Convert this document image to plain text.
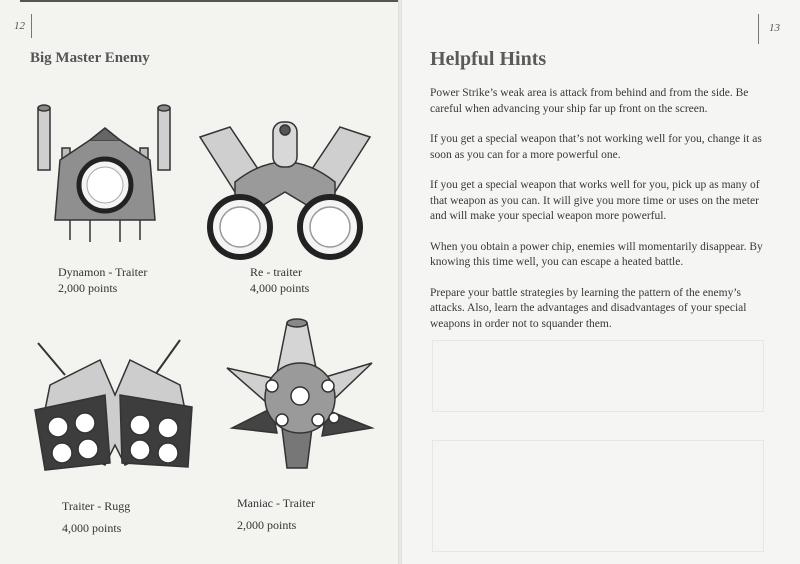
12
Big Master Enemy
Dynamon - Traiter
2,000 points
Re - traiter
4,000 points
Traiter - Rugg
4,000 points
Maniac - Traiter
2,000 points
13
Helpful Hints

Power Strike’s weak area is attack from behind and from the side. Be careful when advancing your ship far up front on the screen.

If you get a special weapon that’s not working well for you, change it as soon as you can for a more powerful one.

If you get a special weapon that works well for you, pick up as many of that weapon as you can. It will give you more time or uses on the meter and will make your special weapon more powerful.

When you obtain a power chip, enemies will momentarily disappear. By knowing this time well, you can escape a heated battle.

Prepare your battle strategies by learning the pattern of the enemy’s attacks. Also, learn the advantages and disadvantages of your special weapons in order not to squander them.
